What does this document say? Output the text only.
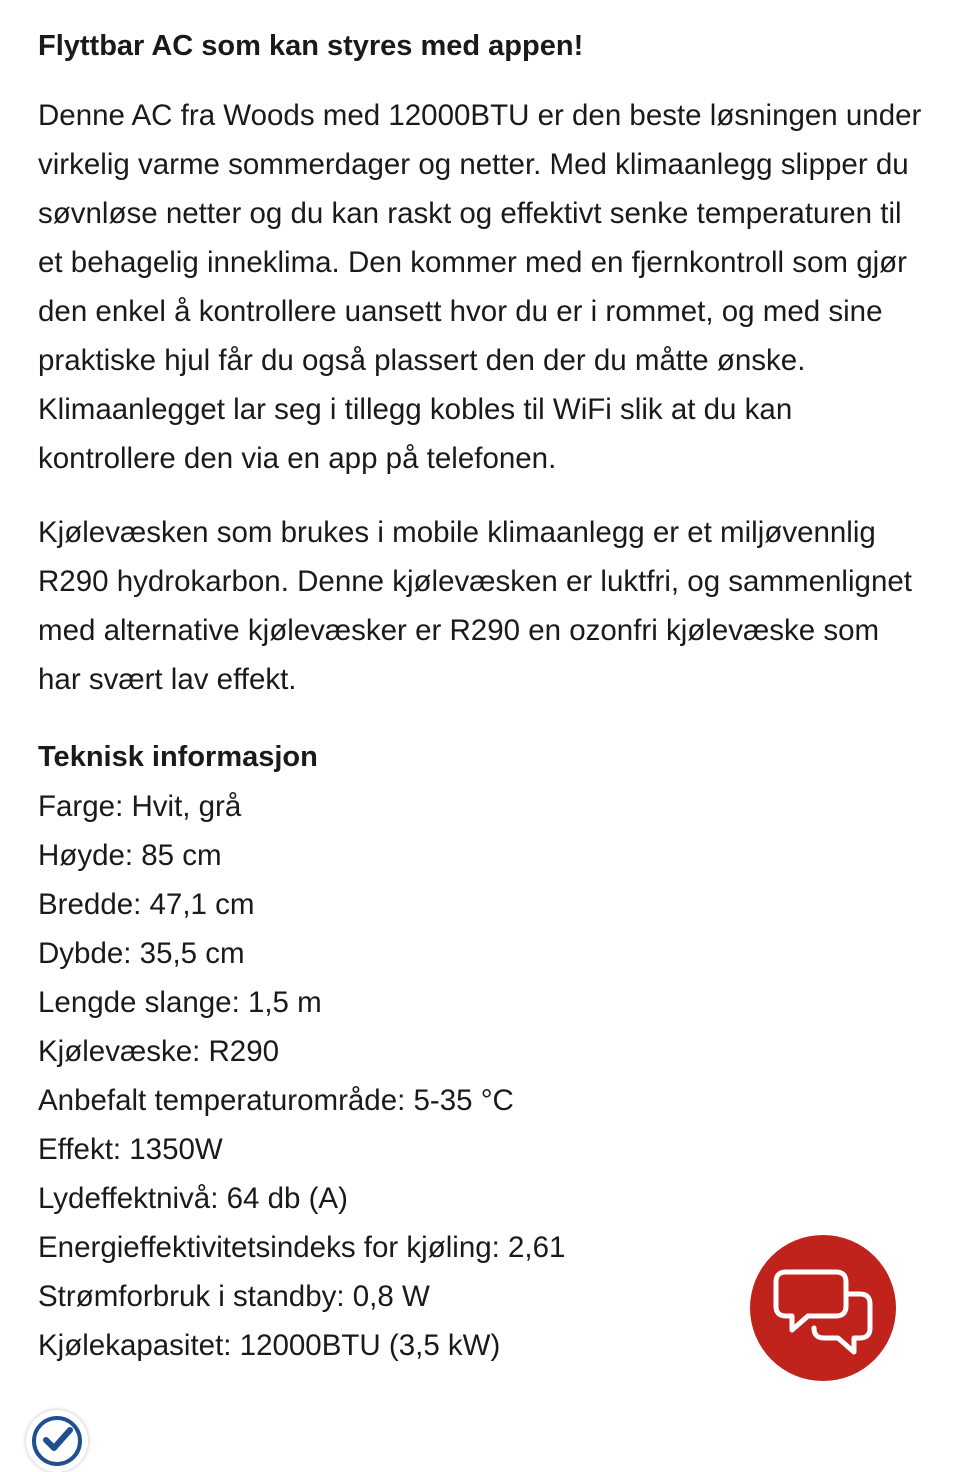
Flyttbar AC som kan styres med appen!

Denne AC fra Woods med 12000BTU er den beste løsningen under virkelig varme sommerdager og netter. Med klimaanlegg slipper du søvnløse netter og du kan raskt og effektivt senke temperaturen til et behagelig inneklima. Den kommer med en fjernkontroll som gjør den enkel å kontrollere uansett hvor du er i rommet, og med sine praktiske hjul får du også plassert den der du måtte ønske. Klimaanlegget lar seg i tillegg kobles til WiFi slik at du kan kontrollere den via en app på telefonen.

Kjølevæsken som brukes i mobile klimaanlegg er et miljøvennlig R290 hydrokarbon. Denne kjølevæsken er luktfri, og sammenlignet med alternative kjølevæsker er R290 en ozonfri kjølevæske som har svært lav effekt.

Teknisk informasjon
Farge: Hvit, grå
Høyde: 85 cm
Bredde: 47,1 cm
Dybde: 35,5 cm
Lengde slange: 1,5 m
Kjølevæske: R290
Anbefalt temperaturområde: 5-35 °C
Effekt: 1350W
Lydeffektnivå: 64 db (A)
Energieffektivitetsindeks for kjøling: 2,61
Strømforbruk i standby: 0,8 W
Kjølekapasitet: 12000BTU (3,5 kW)
